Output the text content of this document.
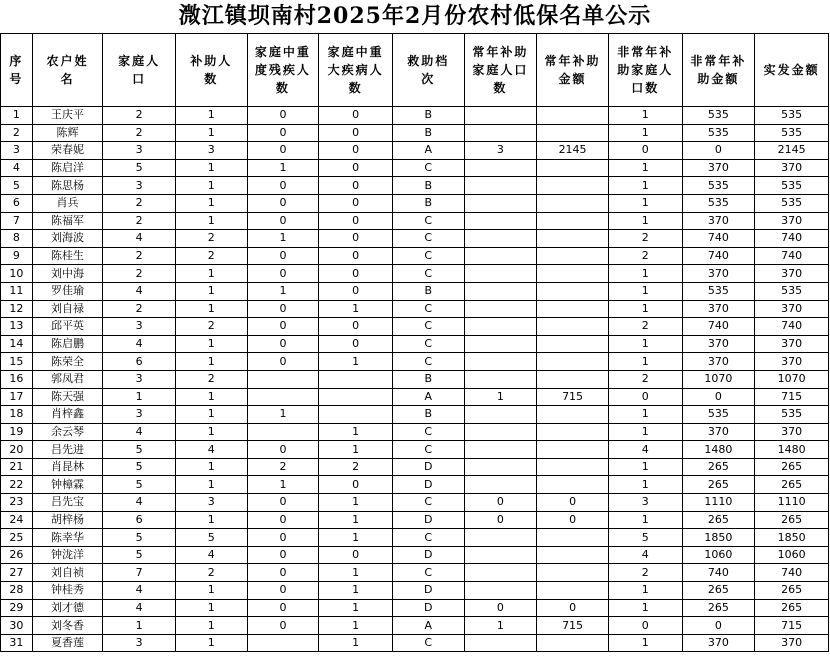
溦江镇坝南村2025年2月份农村低保名单公示
序号	农户姓名	家庭人口	补助人数	家庭中重度残疾人数	家庭中重大疾病人数	救助档次	常年补助家庭人口数	常年补助金额	非常年补助家庭人口数	非常年补助金额	实发金额
1	王庆平	2	1	0	0	B			1	535	535
2	陈辉	2	1	0	0	B			1	535	535
3	荣春妮	3	3	0	0	A	3	2145	0	0	2145
4	陈启洋	5	1	1	0	C			1	370	370
5	陈思杨	3	1	0	0	B			1	535	535
6	肖兵	2	1	0	0	B			1	535	535
7	陈福军	2	1	0	0	C			1	370	370
8	刘海波	4	2	1	0	C			2	740	740
9	陈桂生	2	2	0	0	C			2	740	740
10	刘中海	2	1	0	0	C			1	370	370
11	罗佳瑜	4	1	1	0	B			1	535	535
12	刘自禄	2	1	0	1	C			1	370	370
13	邱平英	3	2	0	0	C			2	740	740
14	陈启鹏	4	1	0	0	C			1	370	370
15	陈荣全	6	1	0	1	C			1	370	370
16	郭凤君	3	2			B			2	1070	1070
17	陈天强	1	1			A	1	715	0	0	715
18	肖梓鑫	3	1	1		B			1	535	535
19	余云琴	4	1		1	C			1	370	370
20	吕先进	5	4	0	1	C			4	1480	1480
21	肖昆林	5	1	2	2	D			1	265	265
22	钟樟霖	5	1	1	0	D			1	265	265
23	吕先宝	4	3	0	1	C	0	0	3	1110	1110
24	胡梓杨	6	1	0	1	D	0	0	1	265	265
25	陈幸华	5	5	0	1	C			5	1850	1850
26	钟泷洋	5	4	0	0	D			4	1060	1060
27	刘自祯	7	2	0	1	C			2	740	740
28	钟桂秀	4	1	0	1	D			1	265	265
29	刘才德	4	1	0	1	D	0	0	1	265	265
30	刘冬香	1	1	0	1	A	1	715	0	0	715
31	夏香莲	3	1		1	C			1	370	370
